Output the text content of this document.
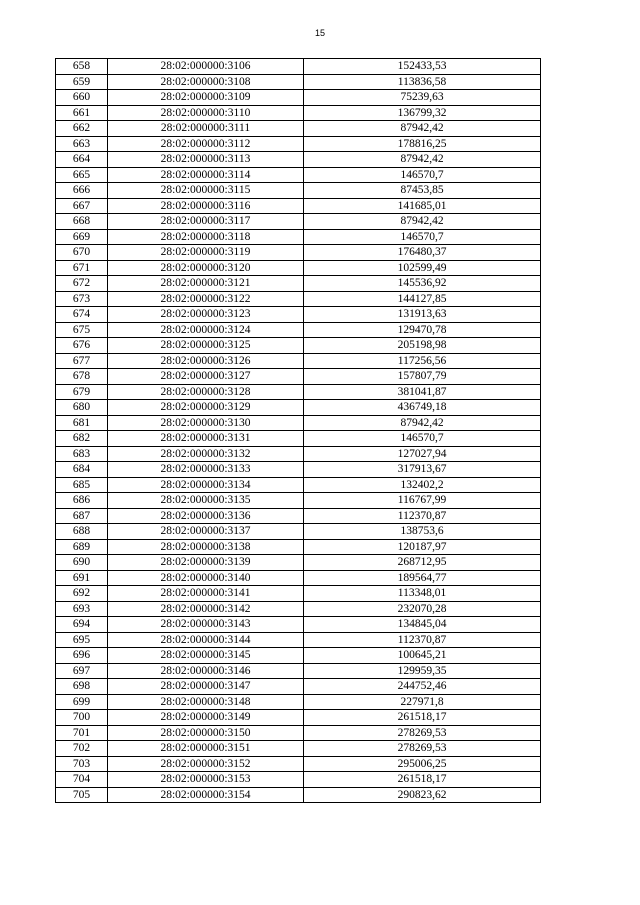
15
658	28:02:000000:3106	152433,53
659	28:02:000000:3108	113836,58
660	28:02:000000:3109	75239,63
661	28:02:000000:3110	136799,32
662	28:02:000000:3111	87942,42
663	28:02:000000:3112	178816,25
664	28:02:000000:3113	87942,42
665	28:02:000000:3114	146570,7
666	28:02:000000:3115	87453,85
667	28:02:000000:3116	141685,01
668	28:02:000000:3117	87942,42
669	28:02:000000:3118	146570,7
670	28:02:000000:3119	176480,37
671	28:02:000000:3120	102599,49
672	28:02:000000:3121	145536,92
673	28:02:000000:3122	144127,85
674	28:02:000000:3123	131913,63
675	28:02:000000:3124	129470,78
676	28:02:000000:3125	205198,98
677	28:02:000000:3126	117256,56
678	28:02:000000:3127	157807,79
679	28:02:000000:3128	381041,87
680	28:02:000000:3129	436749,18
681	28:02:000000:3130	87942,42
682	28:02:000000:3131	146570,7
683	28:02:000000:3132	127027,94
684	28:02:000000:3133	317913,67
685	28:02:000000:3134	132402,2
686	28:02:000000:3135	116767,99
687	28:02:000000:3136	112370,87
688	28:02:000000:3137	138753,6
689	28:02:000000:3138	120187,97
690	28:02:000000:3139	268712,95
691	28:02:000000:3140	189564,77
692	28:02:000000:3141	113348,01
693	28:02:000000:3142	232070,28
694	28:02:000000:3143	134845,04
695	28:02:000000:3144	112370,87
696	28:02:000000:3145	100645,21
697	28:02:000000:3146	129959,35
698	28:02:000000:3147	244752,46
699	28:02:000000:3148	227971,8
700	28:02:000000:3149	261518,17
701	28:02:000000:3150	278269,53
702	28:02:000000:3151	278269,53
703	28:02:000000:3152	295006,25
704	28:02:000000:3153	261518,17
705	28:02:000000:3154	290823,62
